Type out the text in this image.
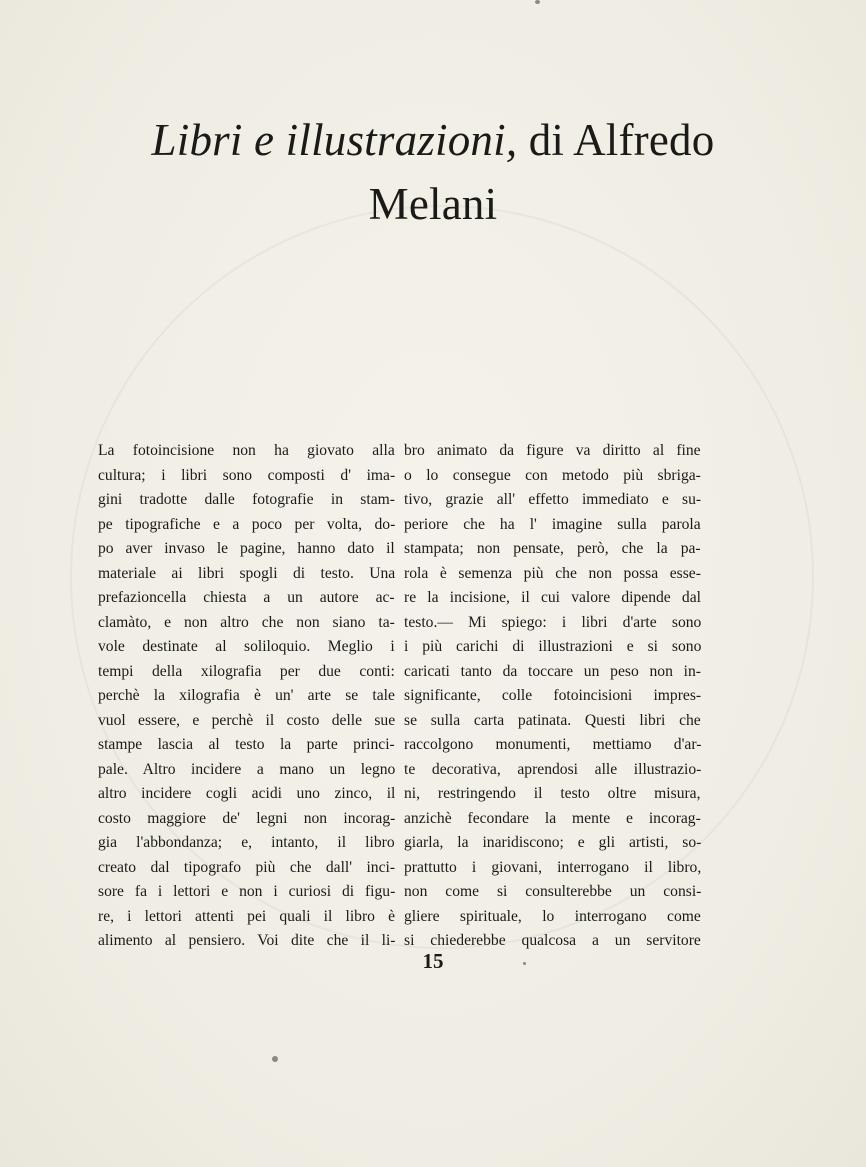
Libri e illustrazioni, di Alfredo
Melani
La fotoincisione non ha giovato alla
cultura; i libri sono composti d' ima-
gini tradotte dalle fotografie in stam-
pe tipografiche e a poco per volta, do-
po aver invaso le pagine, hanno dato il
materiale ai libri spogli di testo. Una
prefazioncella chiesta a un autore ac-
clamàto, e non altro che non siano ta-
vole destinate al soliloquio. Meglio i
tempi della xilografia per due conti:
perchè la xilografia è un' arte se tale
vuol essere, e perchè il costo delle sue
stampe lascia al testo la parte princi-
pale. Altro incidere a mano un legno
altro incidere cogli acidi uno zinco, il
costo maggiore de' legni non incorag-
gia l'abbondanza; e, intanto, il libro
creato dal tipografo più che dall' inci-
sore fa i lettori e non i curiosi di figu-
re, i lettori attenti pei quali il libro è
alimento al pensiero. Voi dite che il li-
bro animato da figure va diritto al fine
o lo consegue con metodo più sbriga-
tivo, grazie all' effetto immediato e su-
periore che ha l' imagine sulla parola
stampata; non pensate, però, che la pa-
rola è semenza più che non possa esse-
re la incisione, il cui valore dipende dal
testo.— Mi spiego: i libri d'arte sono
i più carichi di illustrazioni e si sono
caricati tanto da toccare un peso non in-
significante, colle fotoincisioni impres-
se sulla carta patinata. Questi libri che
raccolgono monumenti, mettiamo d'ar-
te decorativa, aprendosi alle illustrazio-
ni, restringendo il testo oltre misura,
anzichè fecondare la mente e incorag-
giarla, la inaridiscono; e gli artisti, so-
prattutto i giovani, interrogano il libro,
non come si consulterebbe un consi-
gliere spirituale, lo interrogano come
si chiederebbe qualcosa a un servitore
15
